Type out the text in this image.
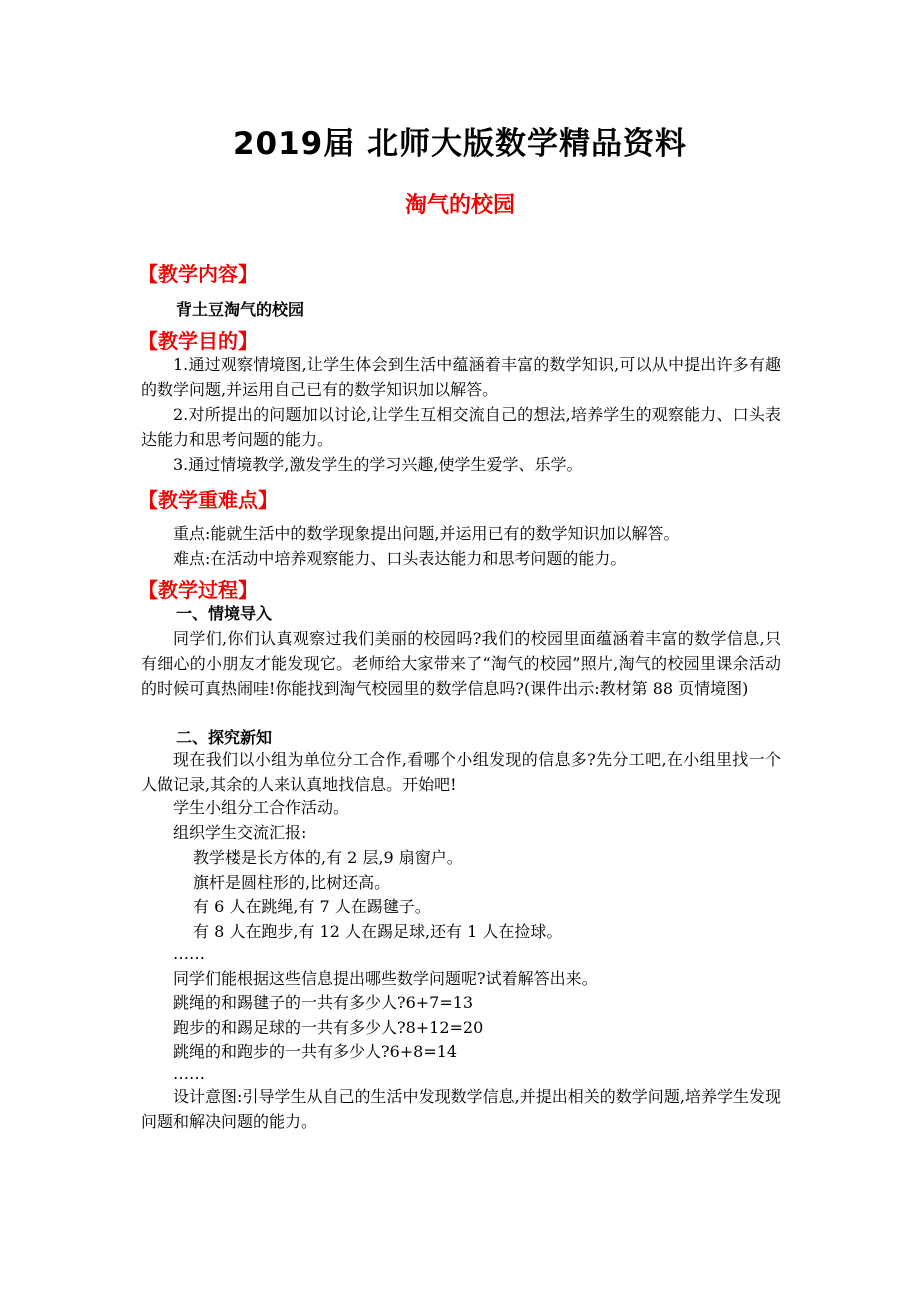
2019届 北师大版数学精品资料
淘气的校园
【教学内容】
背土豆淘气的校园
【教学目的】
1.通过观察情境图,让学生体会到生活中蕴涵着丰富的数学知识,可以从中提出许多有趣的数学问题,并运用自己已有的数学知识加以解答。
2.对所提出的问题加以讨论,让学生互相交流自己的想法,培养学生的观察能力、口头表达能力和思考问题的能力。
3.通过情境教学,激发学生的学习兴趣,使学生爱学、乐学。
【教学重难点】
重点:能就生活中的数学现象提出问题,并运用已有的数学知识加以解答。
难点:在活动中培养观察能力、口头表达能力和思考问题的能力。
【教学过程】
一、情境导入
同学们,你们认真观察过我们美丽的校园吗?我们的校园里面蕴涵着丰富的数学信息,只有细心的小朋友才能发现它。老师给大家带来了“淘气的校园”照片,淘气的校园里课余活动的时候可真热闹哇!你能找到淘气校园里的数学信息吗?(课件出示:教材第 88 页情境图)
二、探究新知
现在我们以小组为单位分工合作,看哪个小组发现的信息多?先分工吧,在小组里找一个人做记录,其余的人来认真地找信息。开始吧!
学生小组分工合作活动。
组织学生交流汇报:
教学楼是长方体的,有 2 层,9 扇窗户。
旗杆是圆柱形的,比树还高。
有 6 人在跳绳,有 7 人在踢毽子。
有 8 人在跑步,有 12 人在踢足球,还有 1 人在捡球。
……
同学们能根据这些信息提出哪些数学问题呢?试着解答出来。
跳绳的和踢毽子的一共有多少人?6+7=13
跑步的和踢足球的一共有多少人?8+12=20
跳绳的和跑步的一共有多少人?6+8=14
……
设计意图:引导学生从自己的生活中发现数学信息,并提出相关的数学问题,培养学生发现问题和解决问题的能力。
